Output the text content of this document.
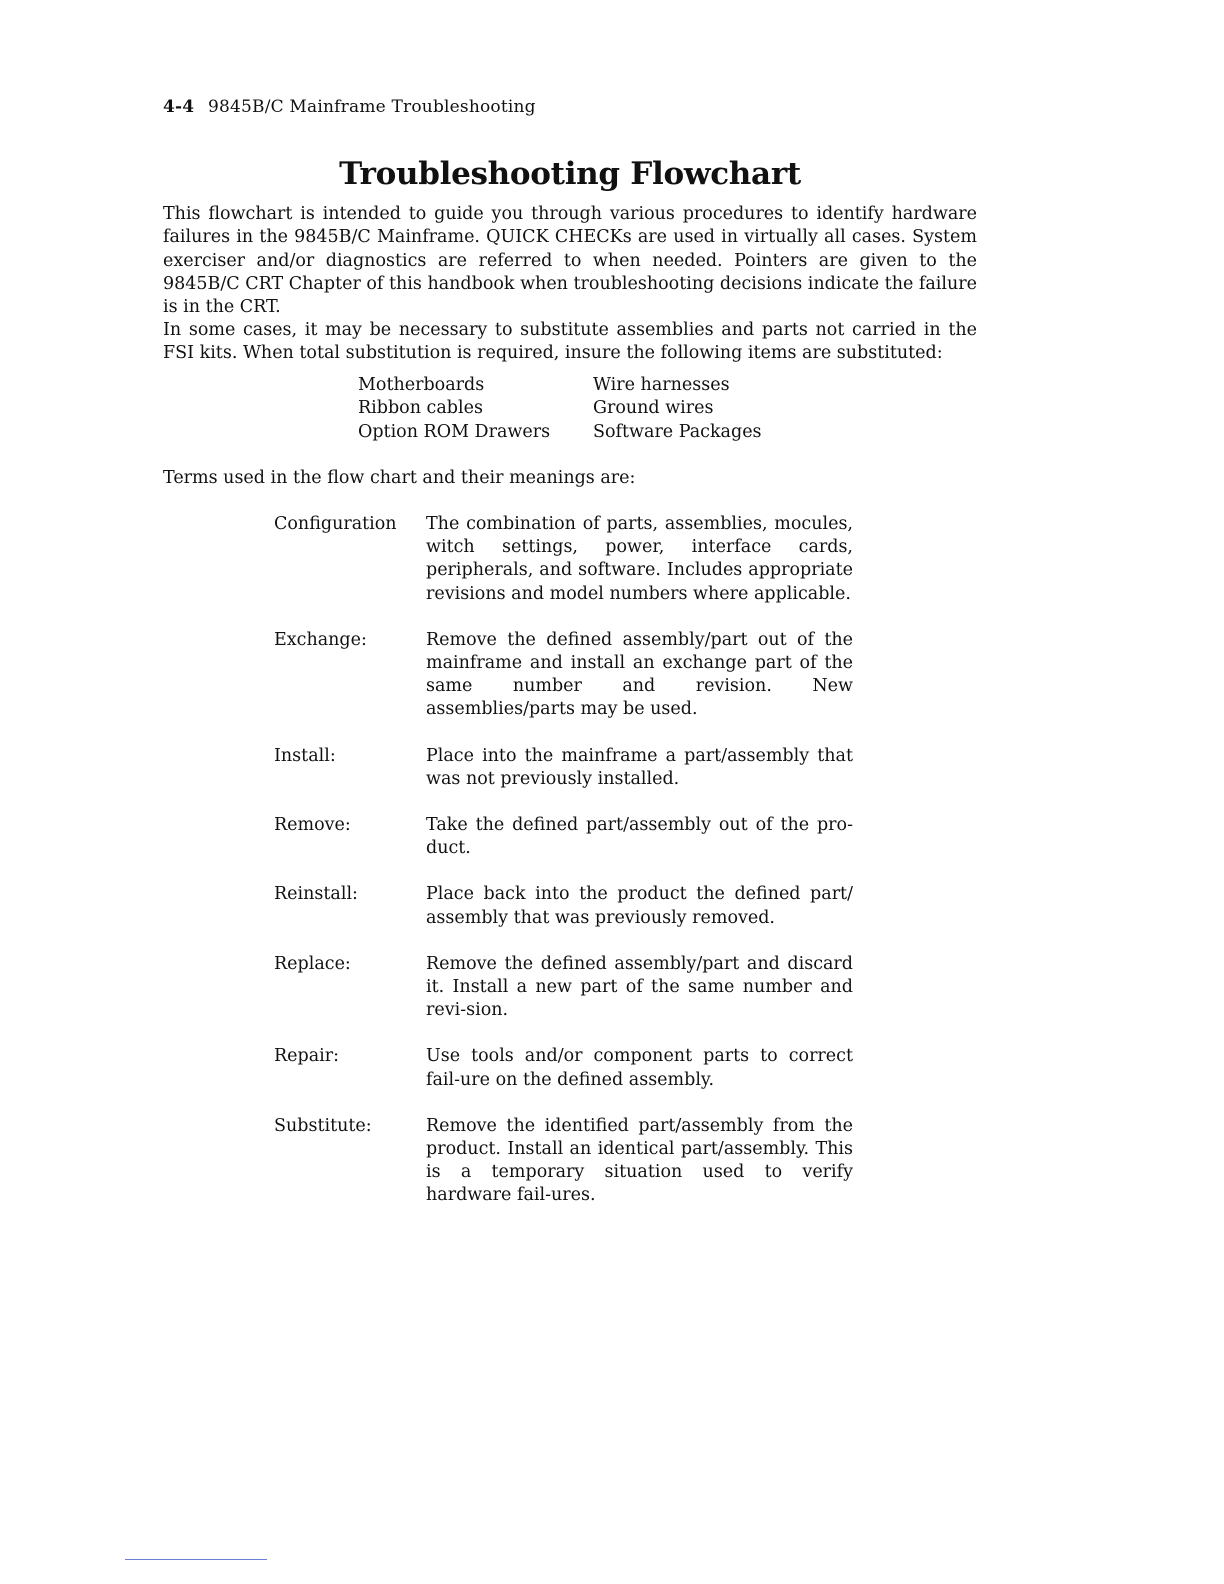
4-4 9845B/C Mainframe Troubleshooting
Troubleshooting Flowchart

This flowchart is intended to guide you through various procedures to identify hardware failures in the 9845B/C Mainframe. QUICK CHECKs are used in virtually all cases. System exerciser and/or diagnostics are referred to when needed. Pointers are given to the 9845B/C CRT Chapter of this handbook when troubleshooting decisions indicate the failure is in the CRT.

In some cases, it may be necessary to substitute assemblies and parts not carried in the FSI kits. When total substitution is required, insure the following items are substituted:

Motherboards	Wire harnesses
Ribbon cables	Ground wires
Option ROM Drawers	Software Packages
Terms used in the flow chart and their meanings are:
Configuration	The combination of parts, assemblies, mocules, witch settings, power, interface cards, peripherals, and software. Includes appropriate revisions and model numbers where applicable.
Exchange:	Remove the defined assembly/part out of the mainframe and install an exchange part of the same number and revision. New assemblies/parts may be used.
Install:	Place into the mainframe a part/assembly that was not previously installed.
Remove:	Take the defined part/assembly out of the pro-duct.
Reinstall:	Place back into the product the defined part/ assembly that was previously removed.
Replace:	Remove the defined assembly/part and discard it. Install a new part of the same number and revi-sion.
Repair:	Use tools and/or component parts to correct fail-ure on the defined assembly.
Substitute:	Remove the identified part/assembly from the product. Install an identical part/assembly. This is a temporary situation used to verify hardware fail-ures.
